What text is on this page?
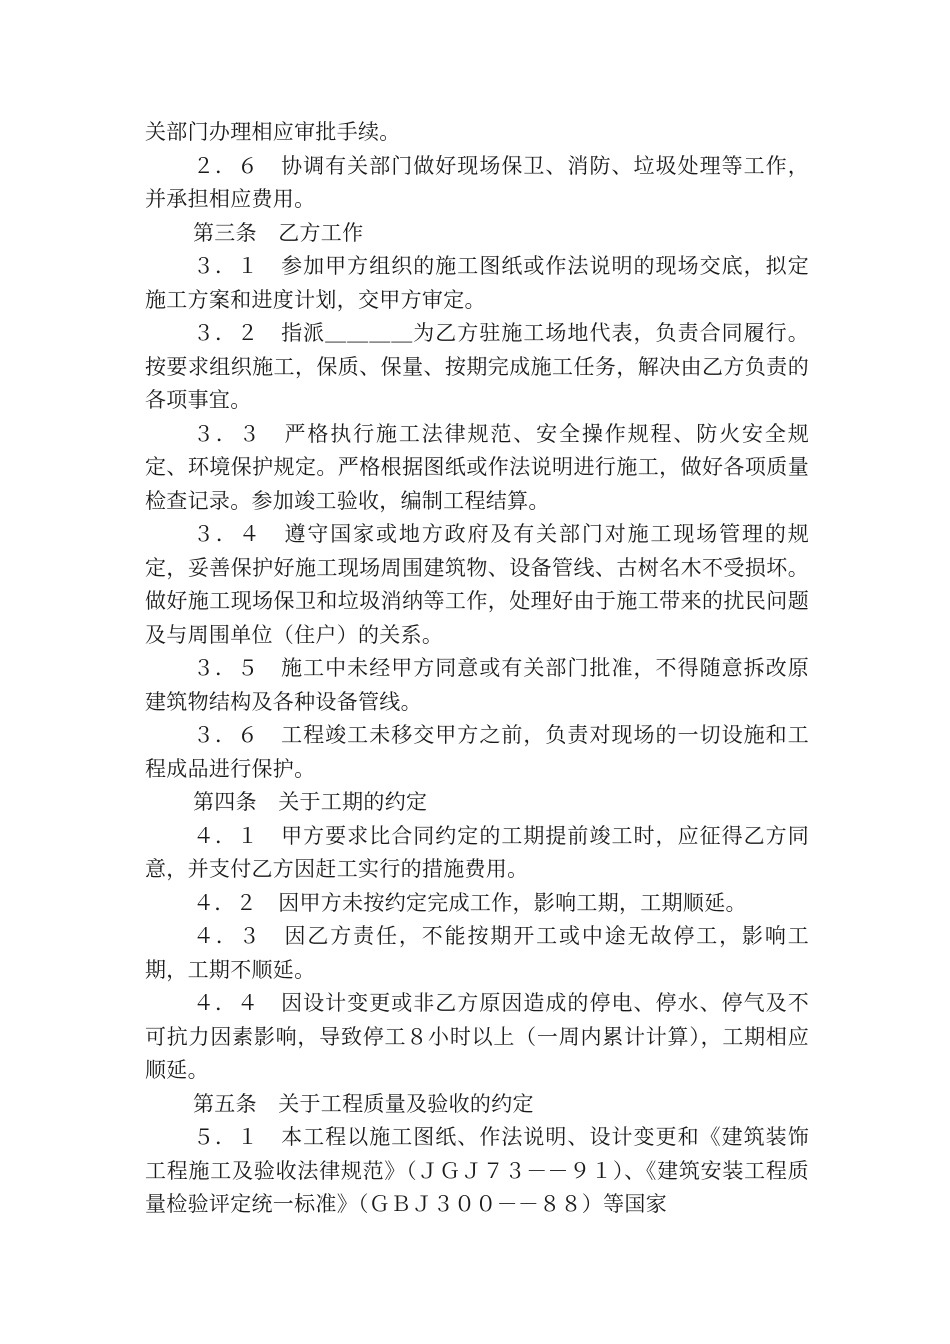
关部门办理相应审批手续。

２．６　协调有关部门做好现场保卫、消防、垃圾处理等工作，并承担相应费用。

第三条　乙方工作

３．１　参加甲方组织的施工图纸或作法说明的现场交底，拟定施工方案和进度计划，交甲方审定。

３．２　指派＿＿＿＿为乙方驻施工场地代表，负责合同履行。按要求组织施工，保质、保量、按期完成施工任务，解决由乙方负责的各项事宜。

３．３　严格执行施工法律规范、安全操作规程、防火安全规定、环境保护规定。严格根据图纸或作法说明进行施工，做好各项质量检查记录。参加竣工验收，编制工程结算。

３．４　遵守国家或地方政府及有关部门对施工现场管理的规定，妥善保护好施工现场周围建筑物、设备管线、古树名木不受损坏。做好施工现场保卫和垃圾消纳等工作，处理好由于施工带来的扰民问题及与周围单位（住户）的关系。

３．５　施工中未经甲方同意或有关部门批准，不得随意拆改原建筑物结构及各种设备管线。

３．６　工程竣工未移交甲方之前，负责对现场的一切设施和工程成品进行保护。

第四条　关于工期的约定

４．１　甲方要求比合同约定的工期提前竣工时，应征得乙方同意，并支付乙方因赶工实行的措施费用。

４．２　因甲方未按约定完成工作，影响工期，工期顺延。

４．３　因乙方责任，不能按期开工或中途无故停工，影响工期，工期不顺延。

４．４　因设计变更或非乙方原因造成的停电、停水、停气及不可抗力因素影响，导致停工８小时以上（一周内累计计算），工期相应顺延。

第五条　关于工程质量及验收的约定

５．１　本工程以施工图纸、作法说明、设计变更和《建筑装饰工程施工及验收法律规范》（ＪＧＪ７３－－９１）、《建筑安装工程质量检验评定统一标准》（ＧＢＪ３００－－８８）等国家
